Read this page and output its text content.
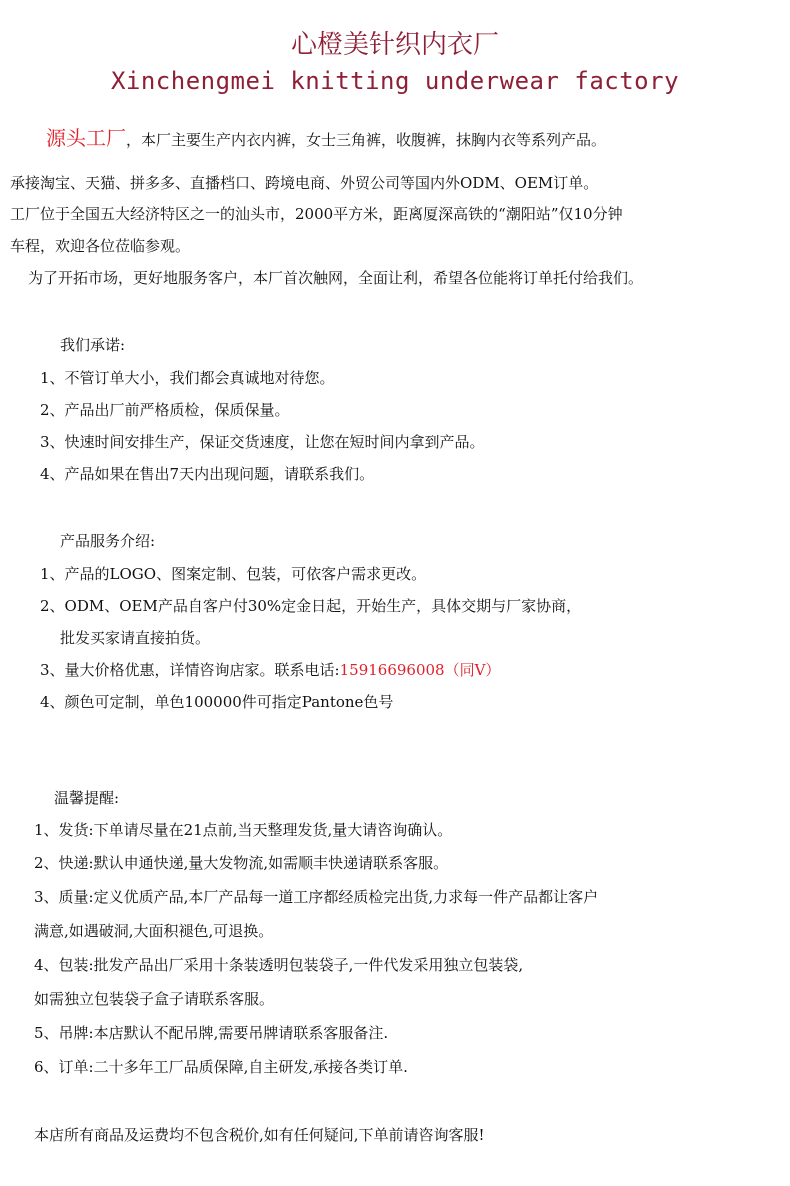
心橙美针织内衣厂
Xinchengmei knitting underwear factory
源头工厂，本厂主要生产内衣内裤，女士三角裤，收腹裤，抹胸内衣等系列产品。
承接淘宝、天猫、拼多多、直播档口、跨境电商、外贸公司等国内外ODM、OEM订单。
工厂位于全国五大经济特区之一的汕头市，2000平方米，距离厦深高铁的“潮阳站”仅10分钟
车程，欢迎各位莅临参观。
为了开拓市场，更好地服务客户，本厂首次触网，全面让利，希望各位能将订单托付给我们。
我们承诺:
1、不管订单大小，我们都会真诚地对待您。
2、产品出厂前严格质检，保质保量。
3、快速时间安排生产，保证交货速度，让您在短时间内拿到产品。
4、产品如果在售出7天内出现问题，请联系我们。
产品服务介绍:
1、产品的LOGO、图案定制、包装，可依客户需求更改。
2、ODM、OEM产品自客户付30%定金日起，开始生产，具体交期与厂家协商，
批发买家请直接拍货。
3、量大价格优惠，详情咨询店家。联系电话:15916696008（同V）
4、颜色可定制，单色100000件可指定Pantone色号
温馨提醒:
1、发货:下单请尽量在21点前,当天整理发货,量大请咨询确认。
2、快递:默认申通快递,量大发物流,如需顺丰快递请联系客服。
3、质量:定义优质产品,本厂产品每一道工序都经质检完出货,力求每一件产品都让客户
满意,如遇破洞,大面积褪色,可退换。
4、包装:批发产品出厂采用十条装透明包装袋子,一件代发采用独立包装袋,
如需独立包装袋子盒子请联系客服。
5、吊牌:本店默认不配吊牌,需要吊牌请联系客服备注.
6、订单:二十多年工厂品质保障,自主研发,承接各类订单.
本店所有商品及运费均不包含税价,如有任何疑问,下单前请咨询客服!
